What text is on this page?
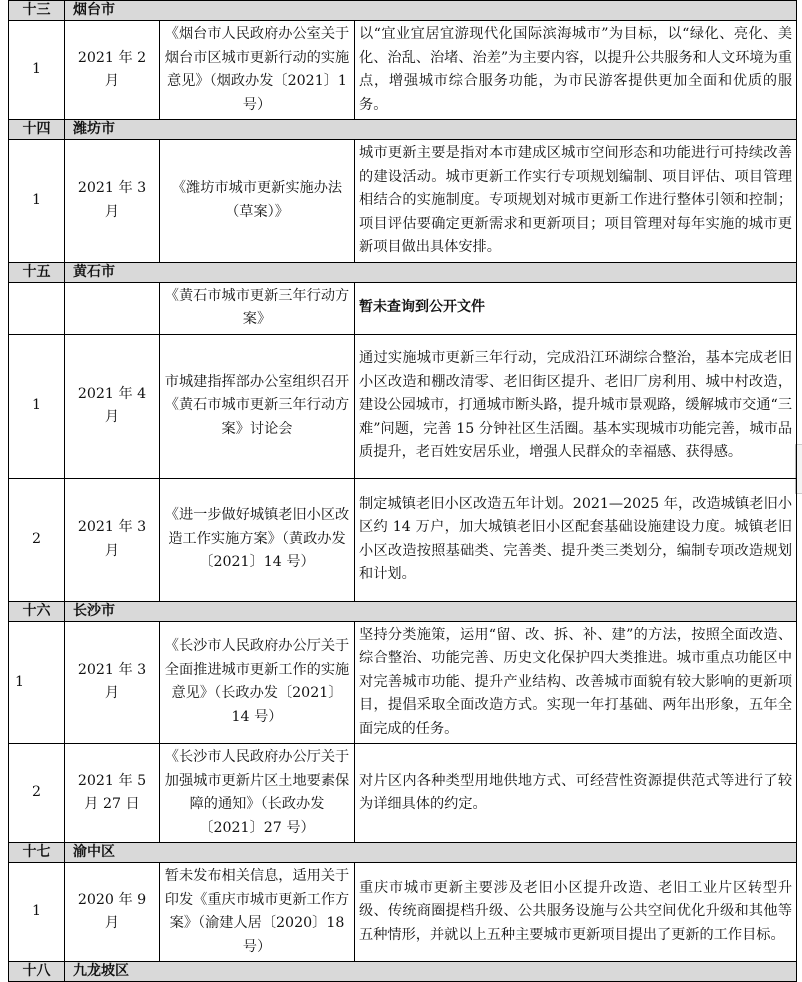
十三	烟台市		
1	2021 年 2 月	《烟台市人民政府办公室关于烟台市区城市更新行动的实施意见》（烟政办发〔2021〕1 号）	以“宜业宜居宜游现代化国际滨海城市”为目标，以“绿化、亮化、美化、治乱、治堵、治差”为主要内容，以提升公共服务和人文环境为重点，增强城市综合服务功能，为市民游客提供更加全面和优质的服务。
十四	潍坊市		
1	2021 年 3 月	《潍坊市城市更新实施办法（草案）》	城市更新主要是指对本市建成区城市空间形态和功能进行可持续改善的建设活动。城市更新工作实行专项规划编制、项目评估、项目管理相结合的实施制度。专项规划对城市更新工作进行整体引领和控制；项目评估要确定更新需求和更新项目；项目管理对每年实施的城市更新项目做出具体安排。
十五	黄石市		
		《黄石市城市更新三年行动方案》	暂未查询到公开文件
1	2021 年 4 月	市城建指挥部办公室组织召开《黄石市城市更新三年行动方案》讨论会	通过实施城市更新三年行动，完成沿江环湖综合整治，基本完成老旧小区改造和棚改清零、老旧街区提升、老旧厂房利用、城中村改造，建设公园城市，打通城市断头路，提升城市景观路，缓解城市交通“三难”问题，完善 15 分钟社区生活圈。基本实现城市功能完善，城市品质提升，老百姓安居乐业，增强人民群众的幸福感、获得感。
2	2021 年 3 月	《进一步做好城镇老旧小区改造工作实施方案》（黄政办发〔2021〕14 号）	制定城镇老旧小区改造五年计划。2021—2025 年，改造城镇老旧小区约 14 万户，加大城镇老旧小区配套基础设施建设力度。城镇老旧小区改造按照基础类、完善类、提升类三类划分，编制专项改造规划和计划。
十六	长沙市		
1	2021 年 3 月	《长沙市人民政府办公厅关于全面推进城市更新工作的实施意见》（长政办发〔2021〕14 号）	坚持分类施策，运用“留、改、拆、补、建”的方法，按照全面改造、综合整治、功能完善、历史文化保护四大类推进。城市重点功能区中对完善城市功能、提升产业结构、改善城市面貌有较大影响的更新项目，提倡采取全面改造方式。实现一年打基础、两年出形象，五年全面完成的任务。
2	2021 年 5 月 27 日	《长沙市人民政府办公厅关于加强城市更新片区土地要素保障的通知》（长政办发〔2021〕27 号）	对片区内各种类型用地供地方式、可经营性资源提供范式等进行了较为详细具体的约定。
十七	渝中区		
1	2020 年 9 月	暂未发布相关信息，适用关于印发《重庆市城市更新工作方案》（渝建人居〔2020〕18 号）	重庆市城市更新主要涉及老旧小区提升改造、老旧工业片区转型升级、传统商圈提档升级、公共服务设施与公共空间优化升级和其他等五种情形，并就以上五种主要城市更新项目提出了更新的工作目标。
十八	九龙坡区		
